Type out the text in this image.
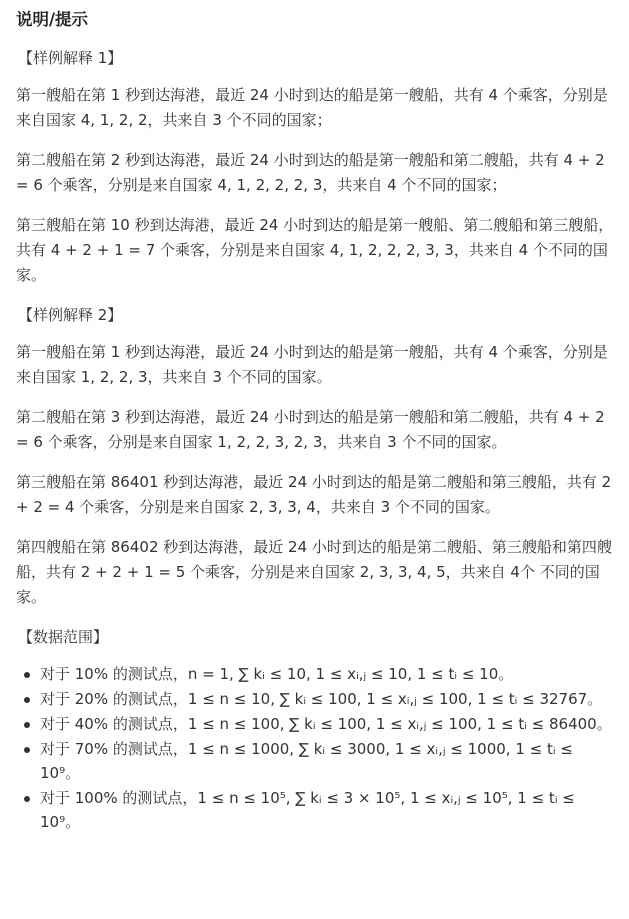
说明/提示
【样例解释 1】
第一艘船在第 1 秒到达海港，最近 24 小时到达的船是第一艘船，共有 4 个乘客，分别是来自国家 4, 1, 2, 2，共来自 3 个不同的国家；
第二艘船在第 2 秒到达海港，最近 24 小时到达的船是第一艘船和第二艘船，共有 4 + 2 = 6 个乘客，分别是来自国家 4, 1, 2, 2, 2, 3，共来自 4 个不同的国家；
第三艘船在第 10 秒到达海港，最近 24 小时到达的船是第一艘船、第二艘船和第三艘船，共有 4 + 2 + 1 = 7 个乘客，分别是来自国家 4, 1, 2, 2, 2, 3, 3，共来自 4 个不同的国家。
【样例解释 2】
第一艘船在第 1 秒到达海港，最近 24 小时到达的船是第一艘船，共有 4 个乘客，分别是来自国家 1, 2, 2, 3，共来自 3 个不同的国家。
第二艘船在第 3 秒到达海港，最近 24 小时到达的船是第一艘船和第二艘船，共有 4 + 2 = 6 个乘客，分别是来自国家 1, 2, 2, 3, 2, 3，共来自 3 个不同的国家。
第三艘船在第 86401 秒到达海港，最近 24 小时到达的船是第二艘船和第三艘船，共有 2 + 2 = 4 个乘客，分别是来自国家 2, 3, 3, 4，共来自 3 个不同的国家。
第四艘船在第 86402 秒到达海港，最近 24 小时到达的船是第二艘船、第三艘船和第四艘船，共有 2 + 2 + 1 = 5 个乘客，分别是来自国家 2, 3, 3, 4, 5，共来自 4个 不同的国家。
【数据范围】
对于 10% 的测试点，n = 1, ∑ kᵢ ≤ 10, 1 ≤ xᵢ,ⱼ ≤ 10, 1 ≤ tᵢ ≤ 10。
对于 20% 的测试点，1 ≤ n ≤ 10, ∑ kᵢ ≤ 100, 1 ≤ xᵢ,ⱼ ≤ 100, 1 ≤ tᵢ ≤ 32767。
对于 40% 的测试点，1 ≤ n ≤ 100, ∑ kᵢ ≤ 100, 1 ≤ xᵢ,ⱼ ≤ 100, 1 ≤ tᵢ ≤ 86400。
对于 70% 的测试点，1 ≤ n ≤ 1000, ∑ kᵢ ≤ 3000, 1 ≤ xᵢ,ⱼ ≤ 1000, 1 ≤ tᵢ ≤ 10⁹。
对于 100% 的测试点，1 ≤ n ≤ 10⁵, ∑ kᵢ ≤ 3 × 10⁵, 1 ≤ xᵢ,ⱼ ≤ 10⁵, 1 ≤ tᵢ ≤ 10⁹。
